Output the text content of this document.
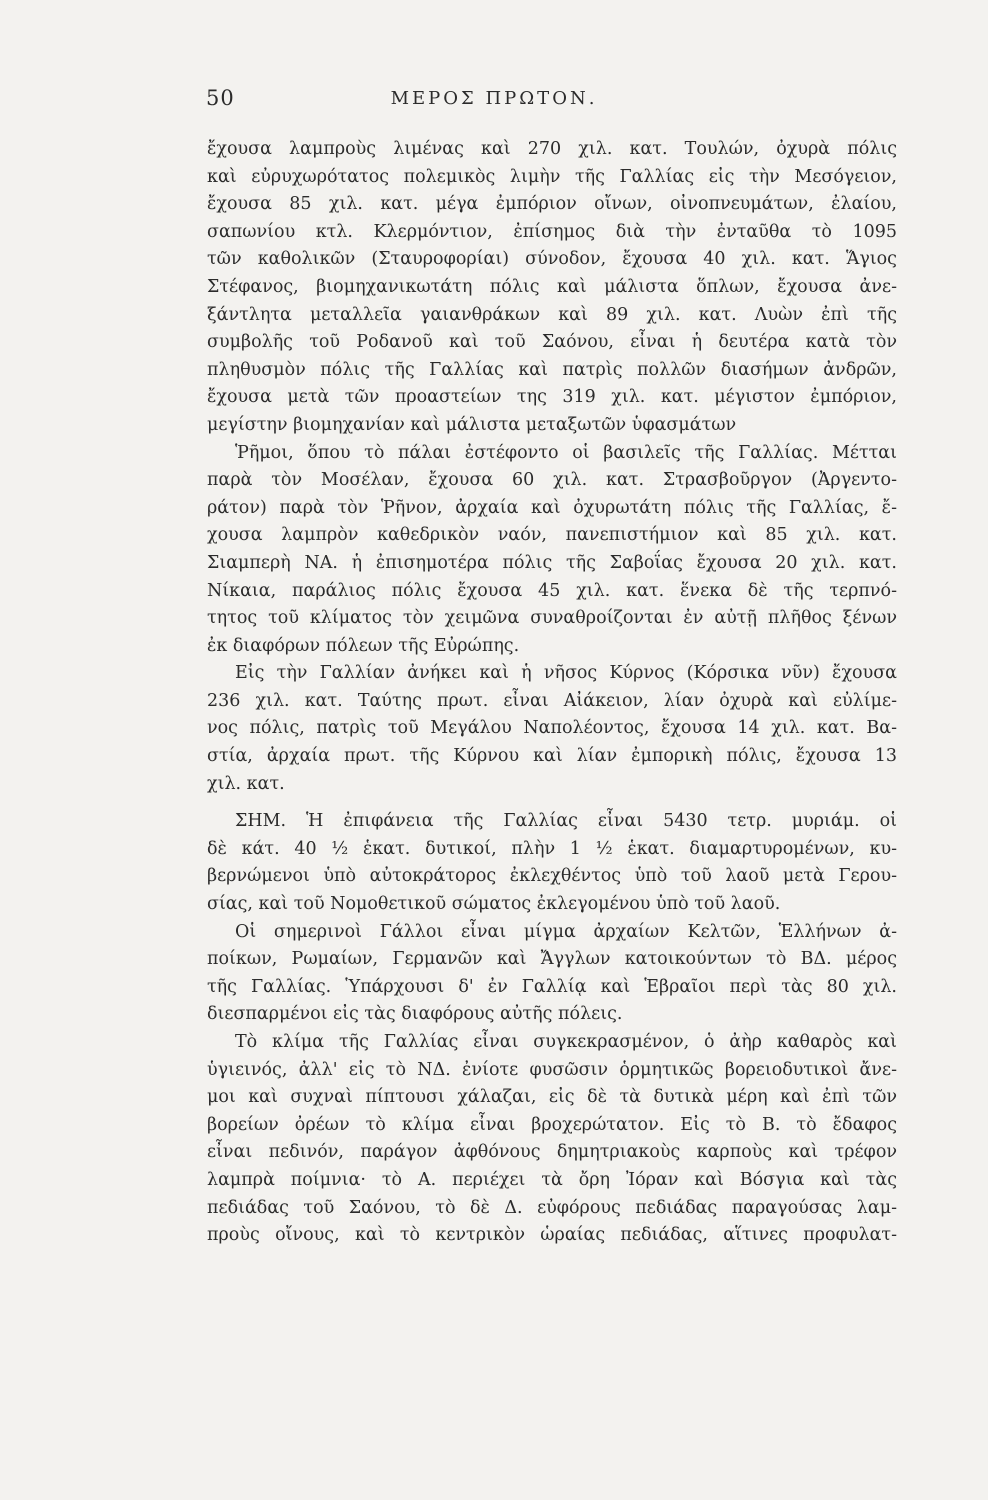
50	ΜΕΡΟΣ ΠΡΩΤΟΝ.
ἔχουσα λαμπροὺς λιμένας καὶ 270 χιλ. κατ. Τουλών, ὀχυρὰ πόλις
καὶ εὐρυχωρότατος πολεμικὸς λιμὴν τῆς Γαλλίας εἰς τὴν Μεσόγειον,
ἔχουσα 85 χιλ. κατ. μέγα ἐμπόριον οἴνων, οἰνοπνευμάτων, ἐλαίου,
σαπωνίου κτλ. Κλερμόντιον, ἐπίσημος διὰ τὴν ἐνταῦθα τὸ 1095
τῶν καθολικῶν (Σταυροφορίαι) σύνοδον, ἔχουσα 40 χιλ. κατ. Ἅγιος
Στέφανος, βιομηχανικωτάτη πόλις καὶ μάλιστα ὅπλων, ἔχουσα ἀνε-
ξάντλητα μεταλλεῖα γαιανθράκων καὶ 89 χιλ. κατ. Λυὼν ἐπὶ τῆς
συμβολῆς τοῦ Ροδανοῦ καὶ τοῦ Σαόνου, εἶναι ἡ δευτέρα κατὰ τὸν
πληθυσμὸν πόλις τῆς Γαλλίας καὶ πατρὶς πολλῶν διασήμων ἀνδρῶν,
ἔχουσα μετὰ τῶν προαστείων της 319 χιλ. κατ. μέγιστον ἐμπόριον,
μεγίστην βιομηχανίαν καὶ μάλιστα μεταξωτῶν ὑφασμάτων
Ῥῆμοι, ὅπου τὸ πάλαι ἐστέφοντο οἱ βασιλεῖς τῆς Γαλλίας. Μέτται
παρὰ τὸν Μοσέλαν, ἔχουσα 60 χιλ. κατ. Στρασβοῦργον (Ἀργεντο-
ράτον) παρὰ τὸν Ῥῆνον, ἀρχαία καὶ ὀχυρωτάτη πόλις τῆς Γαλλίας, ἔ-
χουσα λαμπρὸν καθεδρικὸν ναόν, πανεπιστήμιον καὶ 85 χιλ. κατ.
Σιαμπερὴ ΝΑ. ἡ ἐπισημοτέρα πόλις τῆς Σαβοΐας ἔχουσα 20 χιλ. κατ.
Νίκαια, παράλιος πόλις ἔχουσα 45 χιλ. κατ. ἕνεκα δὲ τῆς τερπνό-
τητος τοῦ κλίματος τὸν χειμῶνα συναθροίζονται ἐν αὐτῇ πλῆθος ξένων
ἐκ διαφόρων πόλεων τῆς Εὐρώπης.
Εἰς τὴν Γαλλίαν ἀνήκει καὶ ἡ νῆσος Κύρνος (Κόρσικα νῦν) ἔχουσα
236 χιλ. κατ. Ταύτης πρωτ. εἶναι Αἰάκειον, λίαν ὀχυρὰ καὶ εὐλίμε-
νος πόλις, πατρὶς τοῦ Μεγάλου Ναπολέοντος, ἔχουσα 14 χιλ. κατ. Βα-
στία, ἀρχαία πρωτ. τῆς Κύρνου καὶ λίαν ἐμπορικὴ πόλις, ἔχουσα 13
χιλ. κατ.
ΣΗΜ. Ἡ ἐπιφάνεια τῆς Γαλλίας εἶναι 5430 τετρ. μυριάμ. οἱ
δὲ κάτ. 40 ½ ἑκατ. δυτικοί, πλὴν 1 ½ ἑκατ. διαμαρτυρομένων, κυ-
βερνώμενοι ὑπὸ αὐτοκράτορος ἐκλεχθέντος ὑπὸ τοῦ λαοῦ μετὰ Γερου-
σίας, καὶ τοῦ Νομοθετικοῦ σώματος ἐκλεγομένου ὑπὸ τοῦ λαοῦ.
Οἱ σημερινοὶ Γάλλοι εἶναι μίγμα ἀρχαίων Κελτῶν, Ἑλλήνων ἀ-
ποίκων, Ρωμαίων, Γερμανῶν καὶ Ἄγγλων κατοικούντων τὸ ΒΔ. μέρος
τῆς Γαλλίας. Ὑπάρχουσι δ' ἐν Γαλλίᾳ καὶ Ἑβραῖοι περὶ τὰς 80 χιλ.
διεσπαρμένοι εἰς τὰς διαφόρους αὐτῆς πόλεις.
Τὸ κλίμα τῆς Γαλλίας εἶναι συγκεκρασμένον, ὁ ἀὴρ καθαρὸς καὶ
ὑγιεινός, ἀλλ' εἰς τὸ ΝΔ. ἐνίοτε φυσῶσιν ὁρμητικῶς βορειοδυτικοὶ ἄνε-
μοι καὶ συχναὶ πίπτουσι χάλαζαι, εἰς δὲ τὰ δυτικὰ μέρη καὶ ἐπὶ τῶν
βορείων ὀρέων τὸ κλίμα εἶναι βροχερώτατον. Εἰς τὸ Β. τὸ ἔδαφος
εἶναι πεδινόν, παράγον ἀφθόνους δημητριακοὺς καρποὺς καὶ τρέφον
λαμπρὰ ποίμνια· τὸ Α. περιέχει τὰ ὄρη Ἰόραν καὶ Βόσγια καὶ τὰς
πεδιάδας τοῦ Σαόνου, τὸ δὲ Δ. εὐφόρους πεδιάδας παραγούσας λαμ-
προὺς οἴνους, καὶ τὸ κεντρικὸν ὡραίας πεδιάδας, αἵτινες προφυλατ-
